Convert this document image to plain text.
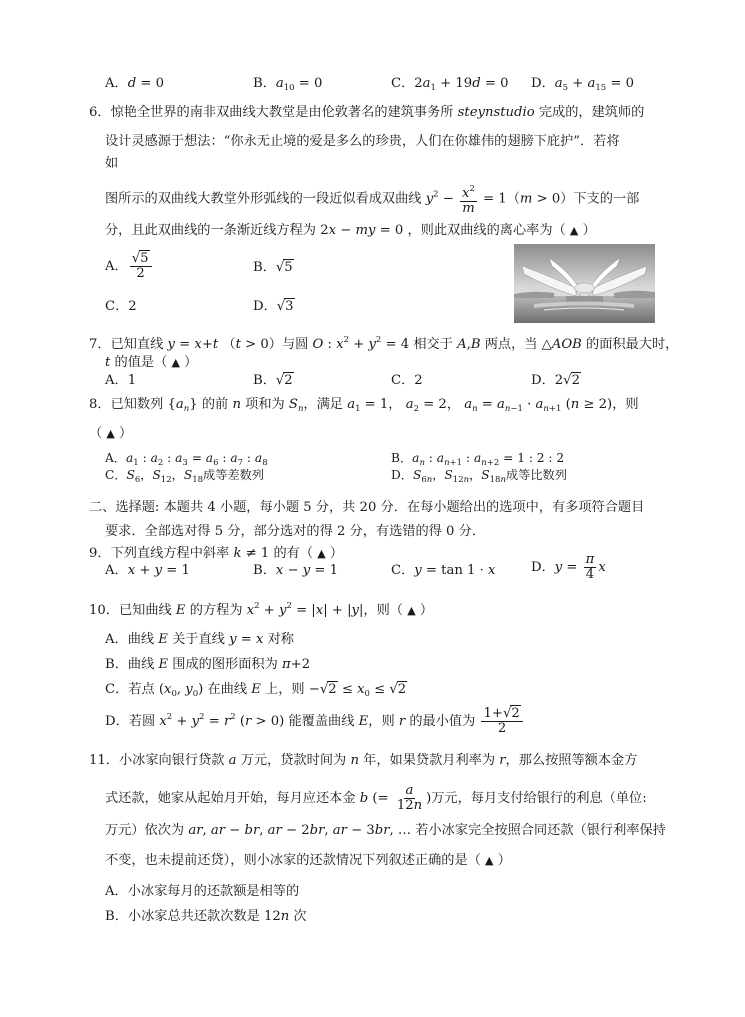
A．d = 0	B．$a_{10} = 0$	C．$2a_1 + 19d = 0$ D．$a_5 + a_{15} = 0$
6．惊艳全世界的南非双曲线大教堂是由伦敦著名的建筑事务所 steynstudio 完成的，建筑师的
设计灵感源于想法：“你永无止境的爱是多么的珍贵，人们在你雄伟的翅膀下庇护”．若将
如
图所示的双曲线大教堂外形弧线的一段近似看成双曲线 $y^2 - \frac{x^2}{m} = 1(m > 0)$下支的一部
分，且此双曲线的一条渐近线方程为 2x − my = 0 ，则此双曲线的离心率为（ ▲ ）
A． $\frac{√5}{2}$	B．√5
C．2	D．√3
7．已知直线 y = x+t （t > 0）与圆 O : $x^2 + y^2 = 4$ 相交于 A,B 两点，当 △AOB 的面积最大时，
t 的值是（ ▲ ）
A．1	B．√2	C．2	D．2√2
8．已知数列 $\{a_n\}$ 的前 n 项和为 $S_n$，满足 $a_1 = 1$， $a_2 = 2$， $a_n = a_{n-1} \cdot a_{n+1}$ (n ≥ 2)，则
（ ▲ ）
A．$a_1$ : $a_2$ : $a_3 = a_6$ : $a_7$ : $a_8$	B．$a_n$ : $a_{n+1}$ : $a_{n+2} = 1$ : 2 : 2
C．$S_6$，$S_{12}$，$S_{18}$成等差数列	D．$S_{6n}$，$S_{12n}$，$S_{18n}$成等比数列
二、选择题: 本题共 4 小题，每小题 5 分，共 20 分．在每小题给出的选项中，有多项符合题目
要求．全部选对得 5 分，部分选对的得 2 分，有选错的得 0 分．
9．下列直线方程中斜率 k ≠ 1 的有（ ▲ ）
A．x + y = 1	B．x − y = 1	C．y = tan 1 · x	D．$y = \frac{\pi}{4}$ x
10．已知曲线 E 的方程为 $x^2 + y^2 = |x| + |y|$，则（ ▲ ）
A．曲线 E 关于直线 y = x 对称
B．曲线 E 围成的图形面积为 π+2
C．若点 ($x_0$, $y_0$) 在曲线 E 上，则 $-√2 \le x_0 \le √2$
D．若圆 $x^2 + y^2 = r^2$ (r > 0) 能覆盖曲线 E，则 r 的最小值为 $\frac{1+√2}{2}$
11．小冰家向银行贷款 a 万元，贷款时间为 n 年，如果贷款月利率为 r，那么按照等额本金方
式还款，她家从起始月开始，每月应还本金 b (= $\frac{a}{12n}$ )万元，每月支付给银行的利息（单位:
万元）依次为 ar, ar − br, ar − 2br, ar − 3br, … 若小冰家完全按照合同还款（银行利率保持
不变，也未提前还贷），则小冰家的还款情况下列叙述正确的是（ ▲ ）
A．小冰家每月的还款额是相等的
B．小冰家总共还款次数是 12n 次
